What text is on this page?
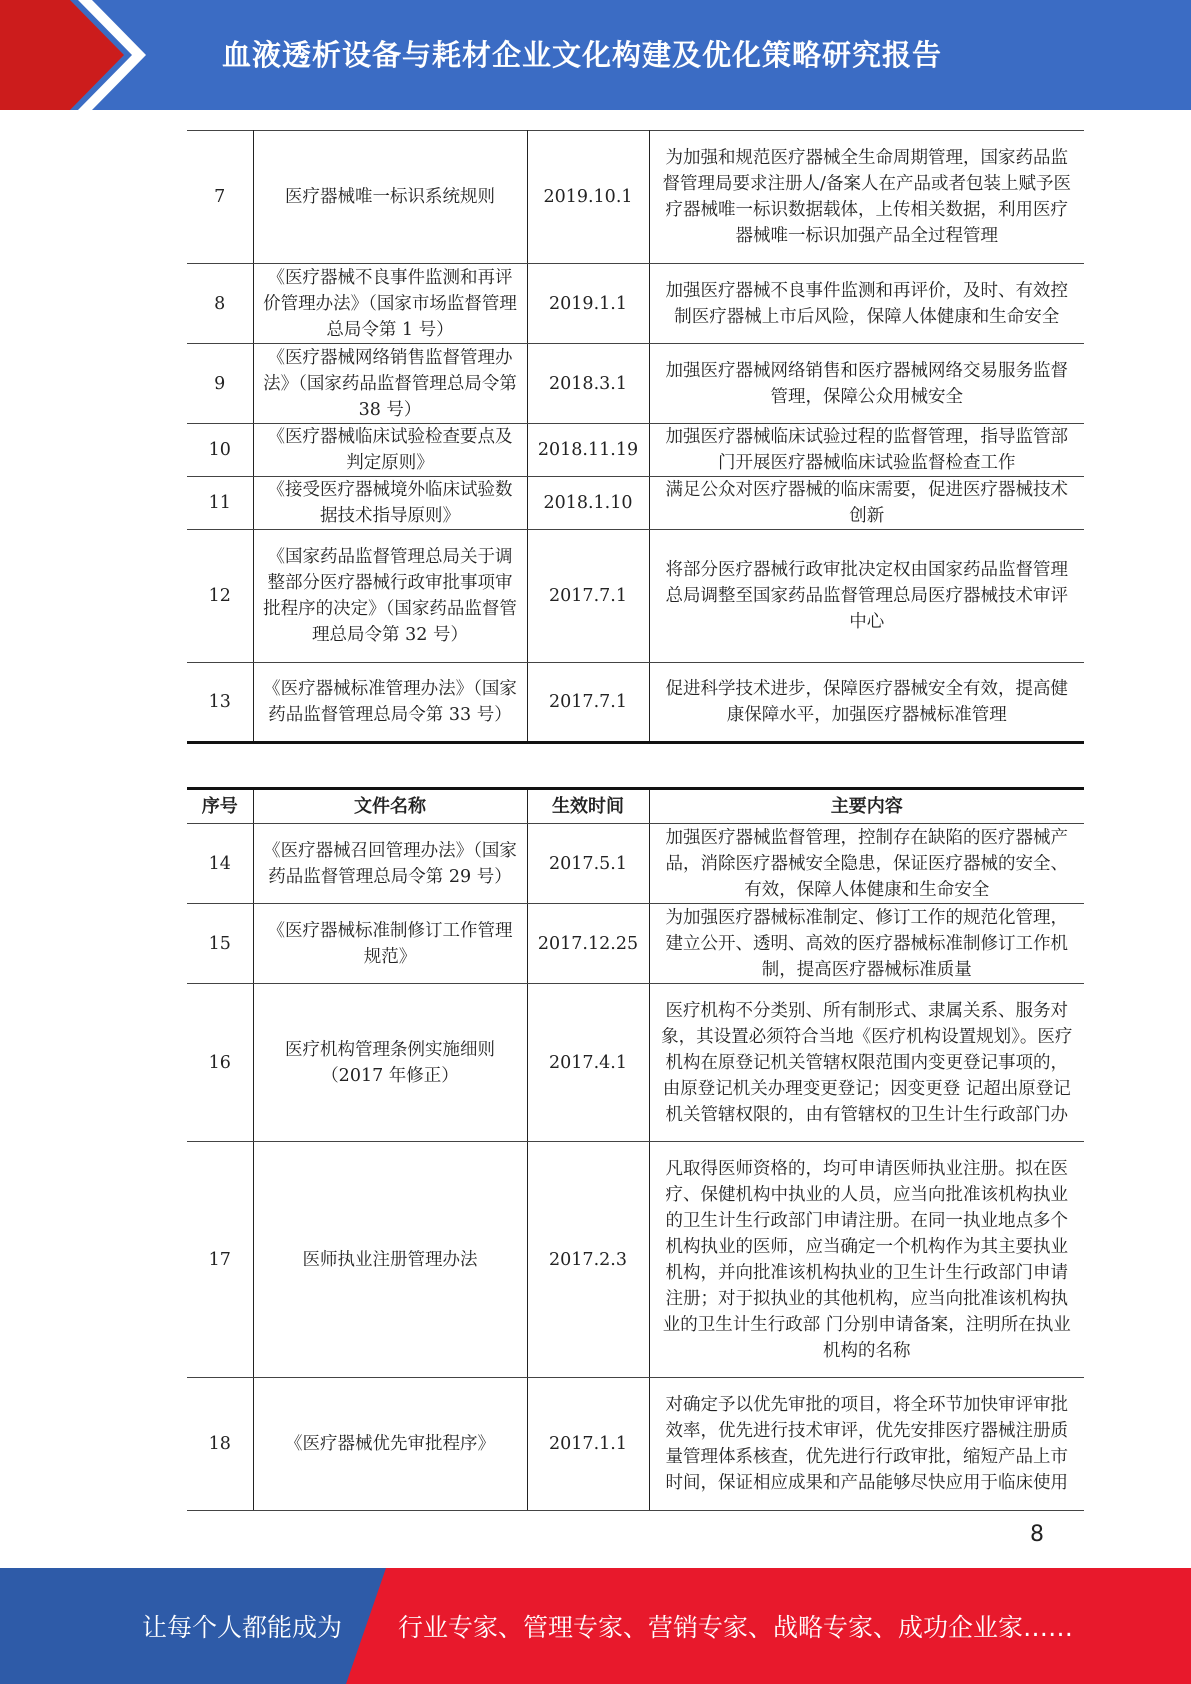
血液透析设备与耗材企业文化构建及优化策略研究报告
7	医疗器械唯一标识系统规则	2019.10.1	为加强和规范医疗器械全生命周期管理，国家药品监督管理局要求注册人/备案人在产品或者包装上赋予医疗器械唯一标识数据载体，上传相关数据，利用医疗器械唯一标识加强产品全过程管理
8	《医疗器械不良事件监测和再评价管理办法》（国家市场监督管理总局令第 1 号）	2019.1.1	加强医疗器械不良事件监测和再评价，及时、有效控制医疗器械上市后风险，保障人体健康和生命安全
9	《医疗器械网络销售监督管理办法》（国家药品监督管理总局令第 38 号）	2018.3.1	加强医疗器械网络销售和医疗器械网络交易服务监督管理，保障公众用械安全
10	《医疗器械临床试验检查要点及判定原则》	2018.11.19	加强医疗器械临床试验过程的监督管理，指导监管部门开展医疗器械临床试验监督检查工作
11	《接受医疗器械境外临床试验数据技术指导原则》	2018.1.10	满足公众对医疗器械的临床需要，促进医疗器械技术创新
12	《国家药品监督管理总局关于调整部分医疗器械行政审批事项审批程序的决定》（国家药品监督管理总局令第 32 号）	2017.7.1	将部分医疗器械行政审批决定权由国家药品监督管理总局调整至国家药品监督管理总局医疗器械技术审评中心
13	《医疗器械标准管理办法》（国家药品监督管理总局令第 33 号）	2017.7.1	促进科学技术进步，保障医疗器械安全有效，提高健康保障水平，加强医疗器械标准管理
序号	文件名称	生效时间	主要内容
14	《医疗器械召回管理办法》（国家药品监督管理总局令第 29 号）	2017.5.1	加强医疗器械监督管理，控制存在缺陷的医疗器械产品，消除医疗器械安全隐患，保证医疗器械的安全、有效，保障人体健康和生命安全
15	《医疗器械标准制修订工作管理规范》	2017.12.25	为加强医疗器械标准制定、修订工作的规范化管理，建立公开、透明、高效的医疗器械标准制修订工作机制，提高医疗器械标准质量
16	医疗机构管理条例实施细则（2017 年修正）	2017.4.1	医疗机构不分类别、所有制形式、隶属关系、服务对象，其设置必须符合当地《医疗机构设置规划》。医疗机构在原登记机关管辖权限范围内变更登记事项的，由原登记机关办理变更登记；因变更登 记超出原登记机关管辖权限的，由有管辖权的卫生计生行政部门办
17	医师执业注册管理办法	2017.2.3	凡取得医师资格的，均可申请医师执业注册。拟在医疗、保健机构中执业的人员，应当向批准该机构执业的卫生计生行政部门申请注册。在同一执业地点多个机构执业的医师，应当确定一个机构作为其主要执业机构，并向批准该机构执业的卫生计生行政部门申请注册；对于拟执业的其他机构，应当向批准该机构执业的卫生计生行政部 门分别申请备案，注明所在执业机构的名称
18	《医疗器械优先审批程序》	2017.1.1	对确定予以优先审批的项目，将全环节加快审评审批效率，优先进行技术审评，优先安排医疗器械注册质量管理体系核查，优先进行行政审批，缩短产品上市时间，保证相应成果和产品能够尽快应用于临床使用
8
让每个人都能成为 行业专家、管理专家、营销专家、战略专家、成功企业家……
